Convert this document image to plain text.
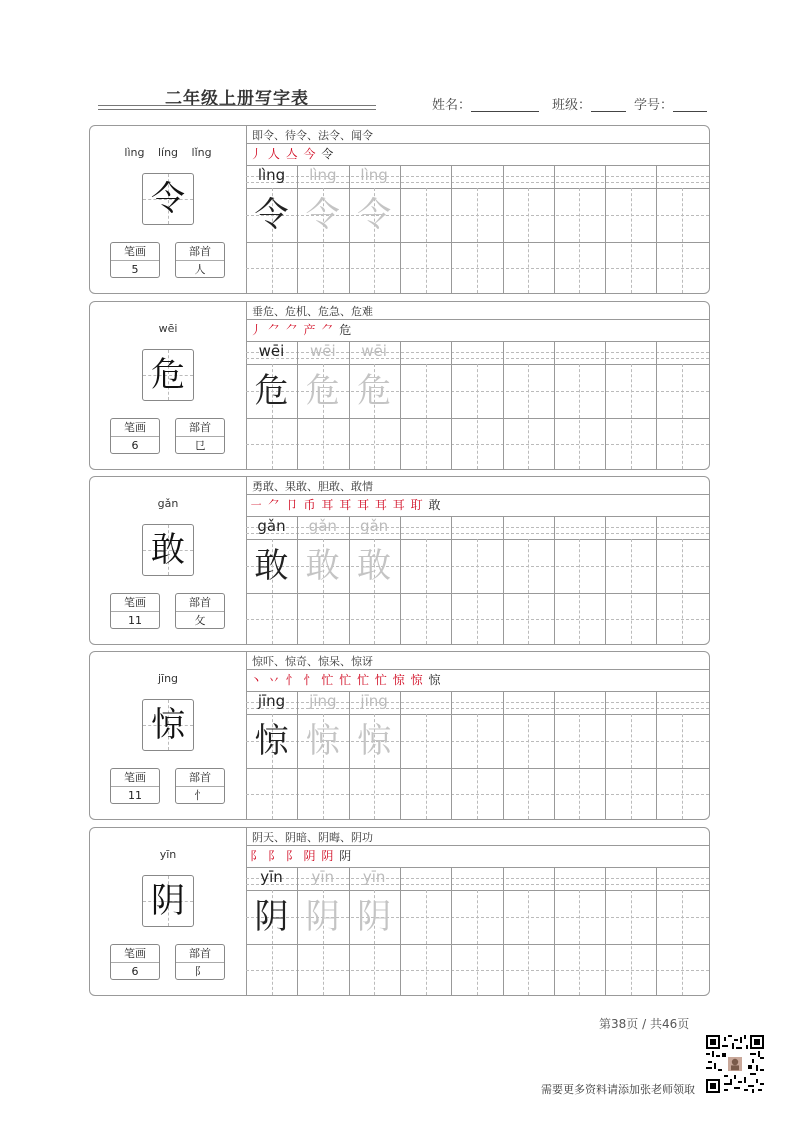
二年级上册写字表	姓名：	班级：	学号：
lìng líng lǐng
令
笔画
5
部首
人
即令、待令、法令、闻令
丿 人 亼 今 令
lìng
令
lìng
令
lìng
令
wēi
危
笔画
6
部首
㔾
垂危、危机、危急、危难
丿 ⺈ ⺈ 产 ⺈ 危
wēi
危
wēi
危
wēi
危
gǎn
敢
笔画
11
部首
攵
勇敢、果敢、胆敢、敢情
㇐ ⺈ 卩 币 耳 耳 耳 耳 耳 耵 敢
gǎn
敢
gǎn
敢
gǎn
敢
jīng
惊
笔画
11
部首
忄
惊吓、惊奇、惊呆、惊讶
丶 丷 忄 忄 忙 忙 忙 忙 惊 惊 惊
jīng
惊
jīng
惊
jīng
惊
yīn
阴
笔画
6
部首
阝
阴天、阴暗、阴晦、阴功
⻖ 阝 阝 阴 阴 阴
yīn
阴
yīn
阴
yīn
阴
第38页 / 共46页
需要更多资料请添加张老师领取
